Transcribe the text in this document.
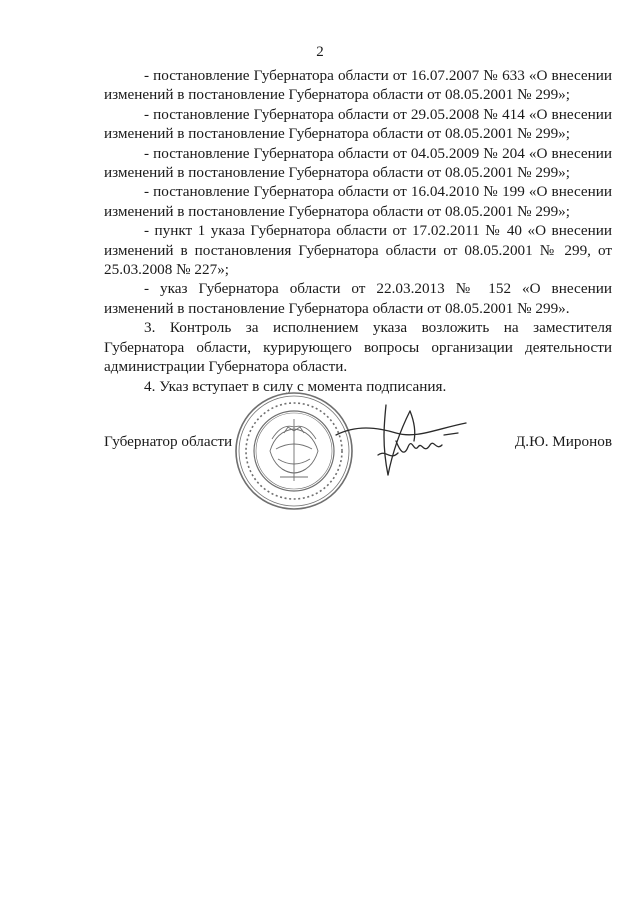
2

- постановление Губернатора области от 16.07.2007 № 633 «О внесении изменений в постановление Губернатора области от 08.05.2001 № 299»;

- постановление Губернатора области от 29.05.2008 № 414 «О внесении изменений в постановление Губернатора области от 08.05.2001 № 299»;

- постановление Губернатора области от 04.05.2009 № 204 «О внесении изменений в постановление Губернатора области от 08.05.2001 № 299»;

- постановление Губернатора области от 16.04.2010 № 199 «О внесении изменений в постановление Губернатора области от 08.05.2001 № 299»;

- пункт 1 указа Губернатора области от 17.02.2011 № 40 «О внесении изменений в постановления Губернатора области от 08.05.2001 № 299, от 25.03.2008 № 227»;

- указ Губернатора области от 22.03.2013 № 152 «О внесении изменений в постановление Губернатора области от 08.05.2001 № 299».

3. Контроль за исполнением указа возложить на заместителя Губернатора области, курирующего вопросы организации деятельности администрации Губернатора области.

4. Указ вступает в силу с момента подписания.

Губернатор области	Д.Ю. Миронов
